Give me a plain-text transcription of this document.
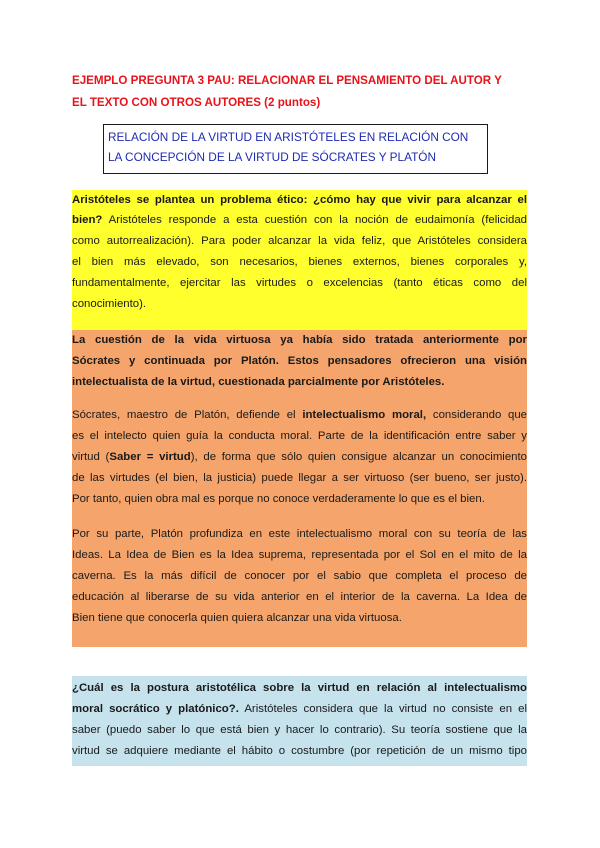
EJEMPLO PREGUNTA 3 PAU: RELACIONAR EL PENSAMIENTO DEL AUTOR Y
EL TEXTO CON OTROS AUTORES (2 puntos)
RELACIÓN DE LA VIRTUD EN ARISTÓTELES EN RELACIÓN CON
LA CONCEPCIÓN DE LA VIRTUD DE SÓCRATES Y PLATÓN
Aristóteles se plantea un problema ético: ¿cómo hay que vivir para alcanzar el
bien? Aristóteles responde a esta cuestión con la noción de eudaimonía (felicidad
como autorrealización). Para poder alcanzar la vida feliz, que Aristóteles considera
el bien más elevado, son necesarios, bienes externos, bienes corporales y,
fundamentalmente, ejercitar las virtudes o excelencias (tanto éticas como del
conocimiento).
La cuestión de la vida virtuosa ya había sido tratada anteriormente por
Sócrates y continuada por Platón. Estos pensadores ofrecieron una visión
intelectualista de la virtud, cuestionada parcialmente por Aristóteles.
Sócrates, maestro de Platón, defiende el intelectualismo moral, considerando que
es el intelecto quien guía la conducta moral. Parte de la identificación entre saber y
virtud (Saber = virtud), de forma que sólo quien consigue alcanzar un conocimiento
de las virtudes (el bien, la justicia) puede llegar a ser virtuoso (ser bueno, ser justo).
Por tanto, quien obra mal es porque no conoce verdaderamente lo que es el bien.
Por su parte, Platón profundiza en este intelectualismo moral con su teoría de las
Ideas. La Idea de Bien es la Idea suprema, representada por el Sol en el mito de la
caverna. Es la más difícil de conocer por el sabio que completa el proceso de
educación al liberarse de su vida anterior en el interior de la caverna. La Idea de
Bien tiene que conocerla quien quiera alcanzar una vida virtuosa.
¿Cuál es la postura aristotélica sobre la virtud en relación al intelectualismo
moral socrático y platónico?. Aristóteles considera que la virtud no consiste en el
saber (puedo saber lo que está bien y hacer lo contrario). Su teoría sostiene que la
virtud se adquiere mediante el hábito o costumbre (por repetición de un mismo tipo
